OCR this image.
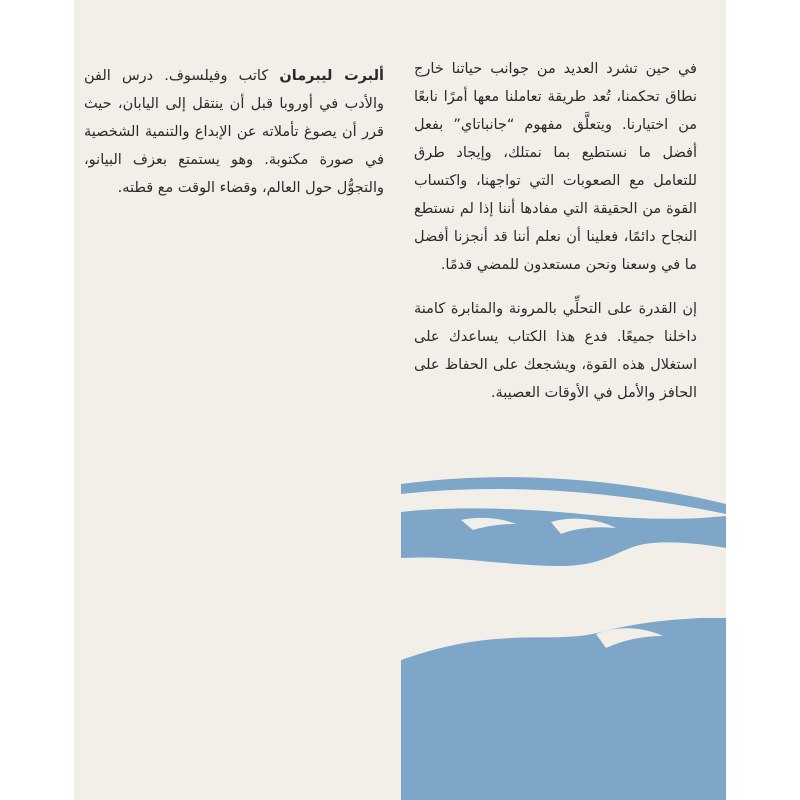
ألبرت ليبرمان كاتب وفيلسوف. درس الفن والأدب في أوروبا قبل أن ينتقل إلى اليابان، حيث قرر أن يصوغ تأملاته عن الإبداع والتنمية الشخصية في صورة مكتوبة. وهو يستمتع بعزف البيانو، والتجوُّل حول العالم، وقضاء الوقت مع قطته.

في حين تشرد العديد من جوانب حياتنا خارج نطاق تحكمنا، تُعد طريقة تعاملنا معها أمرًا نابعًا من اختيارنا. ويتعلَّق مفهوم “جانباتاي” بفعل أفضل ما نستطيع بما نمتلك، وإيجاد طرق للتعامل مع الصعوبات التي تواجهنا، واكتساب القوة من الحقيقة التي مفادها أننا إذا لم نستطع النجاح دائمًا، فعلينا أن نعلم أننا قد أنجزنا أفضل ما في وسعنا ونحن مستعدون للمضي قدمًا.

إن القدرة على التحلِّي بالمرونة والمثابرة كامنة داخلنا جميعًا. فدع هذا الكتاب يساعدك على استغلال هذه القوة، ويشجعك على الحفاظ على الحافز والأمل في الأوقات العصيبة.
